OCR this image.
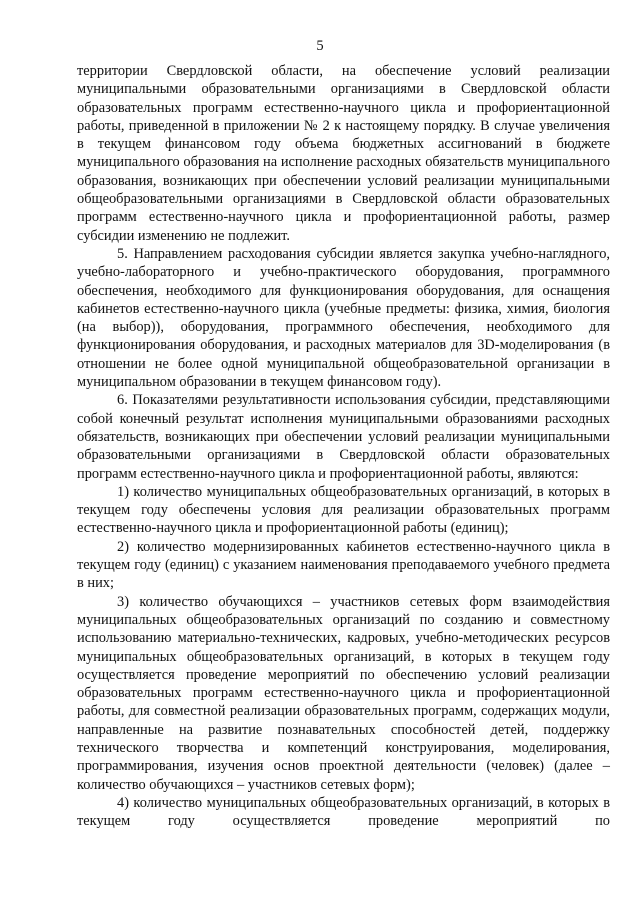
5

территории Свердловской области, на обеспечение условий реализации муниципальными образовательными организациями в Свердловской области образовательных программ естественно-научного цикла и профориентационной работы, приведенной в приложении № 2 к настоящему порядку. В случае увеличения в текущем финансовом году объема бюджетных ассигнований в бюджете муниципального образования на исполнение расходных обязательств муниципального образования, возникающих при обеспечении условий реализации муниципальными общеобразовательными организациями в Свердловской области образовательных программ естественно-научного цикла и профориентационной работы, размер субсидии изменению не подлежит.

5. Направлением расходования субсидии является закупка учебно-наглядного, учебно-лабораторного и учебно-практического оборудования, программного обеспечения, необходимого для функционирования оборудования, для оснащения кабинетов естественно-научного цикла (учебные предметы: физика, химия, биология (на выбор)), оборудования, программного обеспечения, необходимого для функционирования оборудования, и расходных материалов для 3D-моделирования (в отношении не более одной муниципальной общеобразовательной организации в муниципальном образовании в текущем финансовом году).

6. Показателями результативности использования субсидии, представляющими собой конечный результат исполнения муниципальными образованиями расходных обязательств, возникающих при обеспечении условий реализации муниципальными образовательными организациями в Свердловской области образовательных программ естественно-научного цикла и профориентационной работы, являются:

1) количество муниципальных общеобразовательных организаций, в которых в текущем году обеспечены условия для реализации образовательных программ естественно-научного цикла и профориентационной работы (единиц);

2) количество модернизированных кабинетов естественно-научного цикла в текущем году (единиц) с указанием наименования преподаваемого учебного предмета в них;

3) количество обучающихся – участников сетевых форм взаимодействия муниципальных общеобразовательных организаций по созданию и совместному использованию материально-технических, кадровых, учебно-методических ресурсов муниципальных общеобразовательных организаций, в которых в текущем году осуществляется проведение мероприятий по обеспечению условий реализации образовательных программ естественно-научного цикла и профориентационной работы, для совместной реализации образовательных программ, содержащих модули, направленные на развитие познавательных способностей детей, поддержку технического творчества и компетенций конструирования, моделирования, программирования, изучения основ проектной деятельности (человек) (далее – количество обучающихся – участников сетевых форм);

4) количество муниципальных общеобразовательных организаций, в которых в текущем году осуществляется проведение мероприятий по
